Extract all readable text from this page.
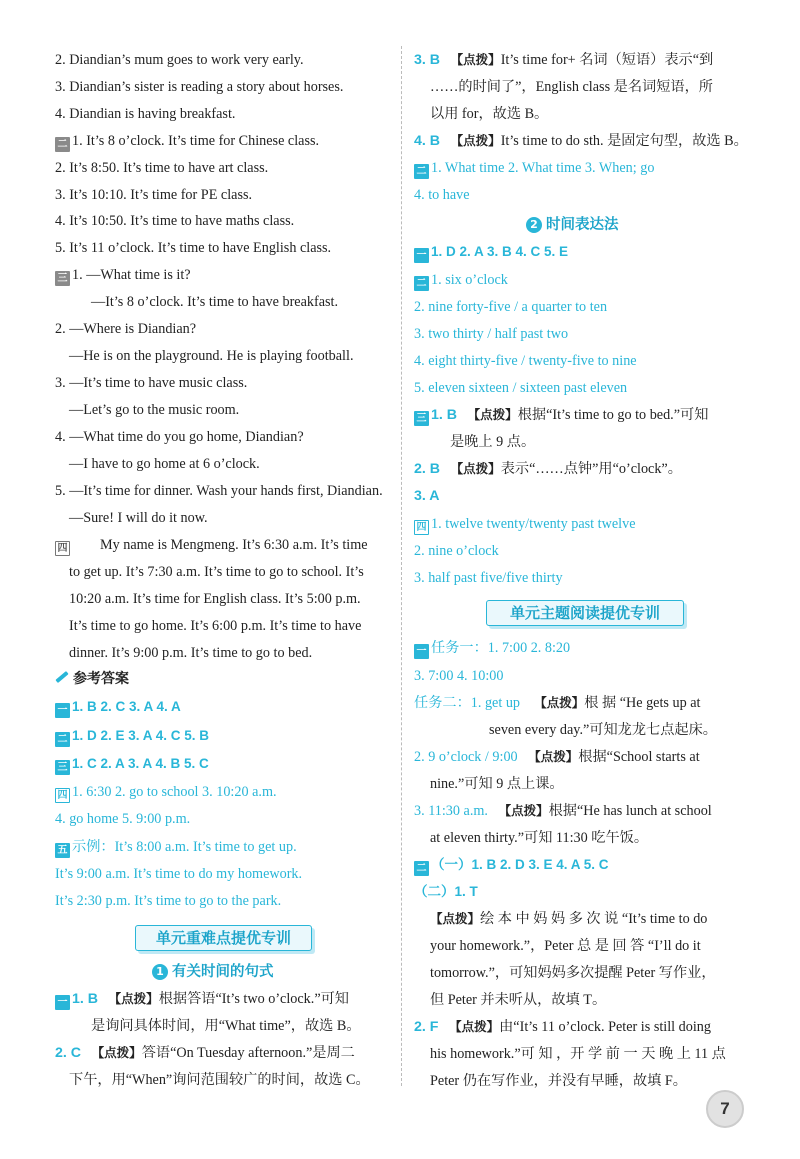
2. Diandian’s mum goes to work very early.
3. Diandian’s sister is reading a story about horses.
4. Diandian is having breakfast.
二 1. It’s 8 o’clock. It’s time for Chinese class.
2. It’s 8:50. It’s time to have art class.
3. It’s 10:10. It’s time for PE class.
4. It’s 10:50. It’s time to have maths class.
5. It’s 11 o’clock. It’s time to have English class.
三 1. —What time is it?
—It’s 8 o’clock. It’s time to have breakfast.
2. —Where is Diandian?
—He is on the playground. He is playing football.
3. —It’s time to have music class.
—Let’s go to the music room.
4. —What time do you go home, Diandian?
—I have to go home at 6 o’clock.
5. —It’s time for dinner. Wash your hands first, Diandian.
—Sure! I will do it now.
四 My name is Mengmeng. It’s 6:30 a.m. It’s time
to get up. It’s 7:30 a.m. It’s time to go to school. It’s
10:20 a.m. It’s time for English class. It’s 5:00 p.m.
It’s time to go home. It’s 6:00 p.m. It’s time to have
dinner. It’s 9:00 p.m. It’s time to go to bed.
参考答案
一 1. B 2. C 3. A 4. A
二 1. D 2. E 3. A 4. C 5. B
三 1. C 2. A 3. A 4. B 5. C
四 1. 6:30 2. go to school 3. 10:20 a.m.
4. go home 5. 9:00 p.m.
五 示例：It’s 8:00 a.m. It’s time to get up.
It’s 9:00 a.m. It’s time to do my homework.
It’s 2:30 p.m. It’s time to go to the park.
单元重难点提优专训
1 有关时间的句式
一 1. B 【点拨】根据答语“It’s two o’clock.”可知
是询问具体时间，用“What time”，故选 B。
2. C 【点拨】答语“On Tuesday afternoon.”是周二
下午，用“When”询问范围较广的时间，故选 C。
3. B 【点拨】It’s time for+ 名词（短语）表示“到
……的时间了”，English class 是名词短语，所
以用 for，故选 B。
4. B 【点拨】It’s time to do sth. 是固定句型，故选 B。
二 1. What time 2. What time 3. When; go
4. to have
2 时间表达法
一 1. D 2. A 3. B 4. C 5. E
二 1. six o’clock
2. nine forty-five / a quarter to ten
3. two thirty / half past two
4. eight thirty-five / twenty-five to nine
5. eleven sixteen / sixteen past eleven
三 1. B 【点拨】根据“It’s time to go to bed.”可知
是晚上 9 点。
2. B 【点拨】表示“……点钟”用“o’clock”。
3. A
四 1. twelve twenty/twenty past twelve
2. nine o’clock
3. half past five/five thirty
单元主题阅读提优专训
一 任务一：1. 7:00 2. 8:20
3. 7:00 4. 10:00
任务二：1. get up 【点拨】根 据 “He gets up at
seven every day.”可知龙龙七点起床。
2. 9 o’clock / 9:00 【点拨】根据“School starts at
nine.”可知 9 点上课。
3. 11:30 a.m. 【点拨】根据“He has lunch at school
at eleven thirty.”可知 11:30 吃午饭。
二 （一）1. B 2. D 3. E 4. A 5. C
（二）1. T
【点拨】绘 本 中 妈 妈 多 次 说 “It’s time to do
your homework.”，Peter 总 是 回 答 “I’ll do it
tomorrow.”，可知妈妈多次提醒 Peter 写作业，
但 Peter 并未听从，故填 T。
2. F 【点拨】由“It’s 11 o’clock. Peter is still doing
his homework.”可 知 ，开 学 前 一 天 晚 上 11 点
Peter 仍在写作业，并没有早睡，故填 F。
7
